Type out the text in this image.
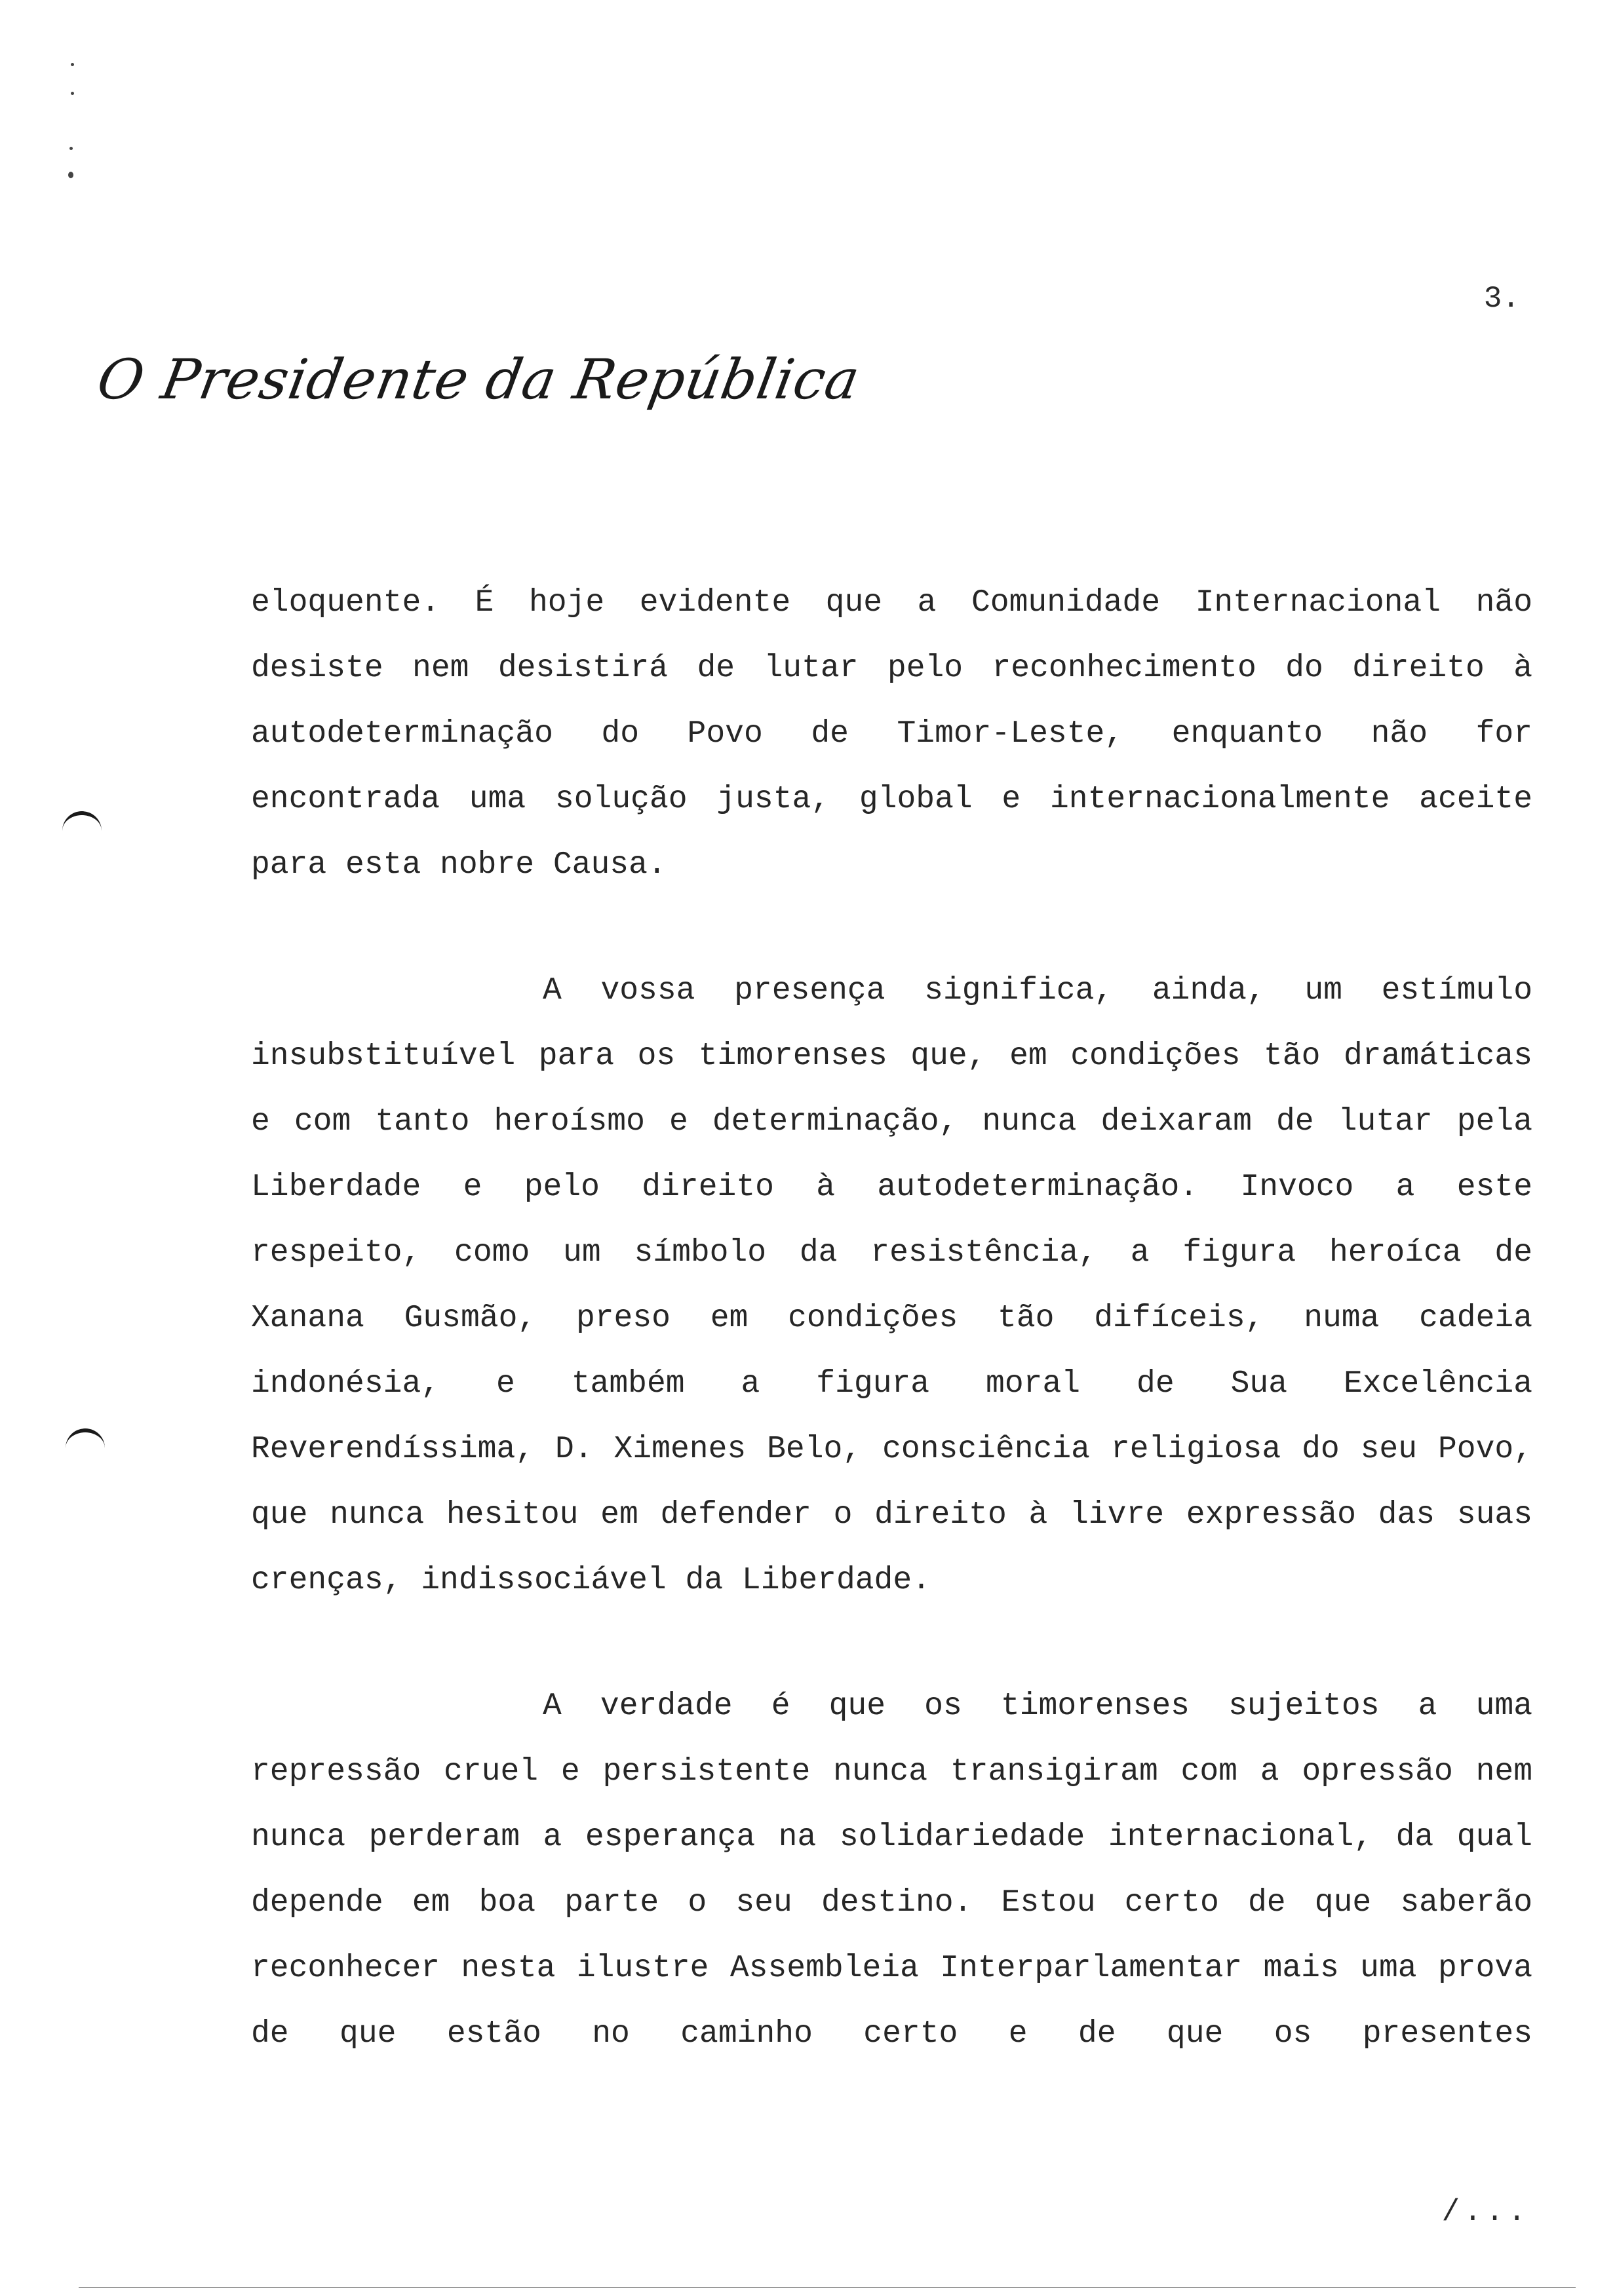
3.
O Presidente da República

eloquente. É hoje evidente que a Comunidade Internacional não desiste nem desistirá de lutar pelo reconhecimento do direito à autodeterminação do Povo de Timor-Leste, enquanto não for encontrada uma solução justa, global e internacionalmente aceite para esta nobre Causa.

A vossa presença significa, ainda, um estímulo insubstituível para os timorenses que, em condições tão dramáticas e com tanto heroísmo e determinação, nunca deixaram de lutar pela Liberdade e pelo direito à autodeterminação. Invoco a este respeito, como um símbolo da resistência, a figura heroíca de Xanana Gusmão, preso em condições tão difíceis, numa cadeia indonésia, e também a figura moral de Sua Excelência Reverendíssima, D. Ximenes Belo, consciência religiosa do seu Povo, que nunca hesitou em defender o direito à livre expressão das suas crenças, indissociável da Liberdade.

A verdade é que os timorenses sujeitos a uma repressão cruel e persistente nunca transigiram com a opressão nem nunca perderam a esperança na solidariedade internacional, da qual depende em boa parte o seu destino. Estou certo de que saberão reconhecer nesta ilustre Assembleia Interparlamentar mais uma prova de que estão no caminho certo e de que os presentes

/...
